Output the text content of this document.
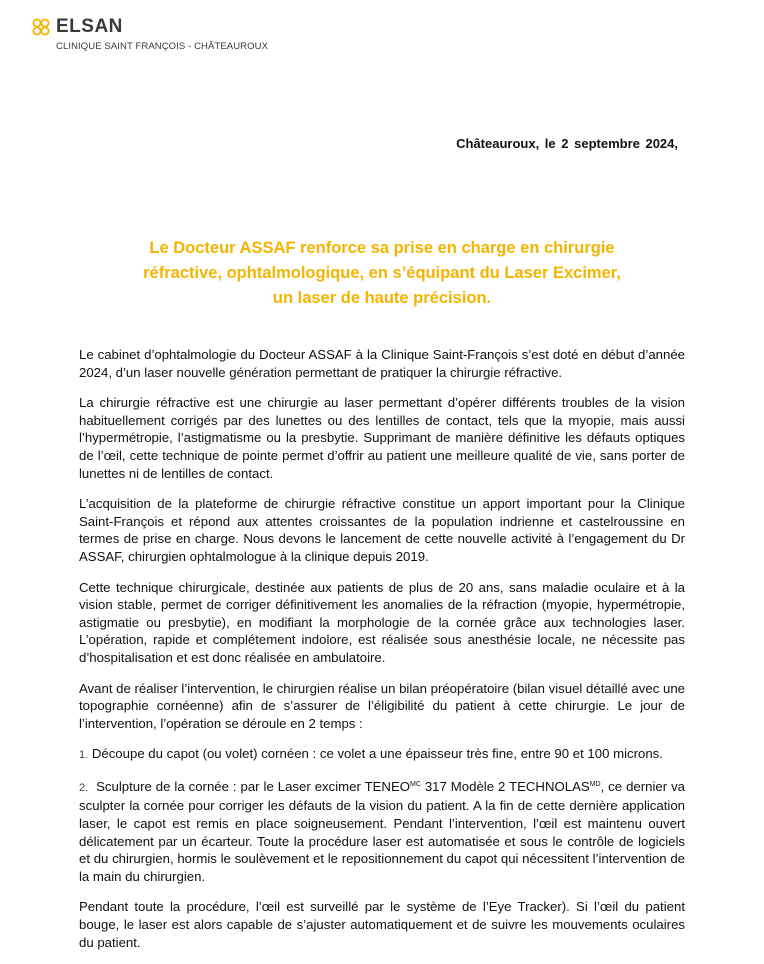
ELSAN
CLINIQUE SAINT FRANÇOIS - CHÂTEAUROUX
Châteauroux, le 2 septembre 2024,
Le Docteur ASSAF renforce sa prise en charge en chirurgie
réfractive, ophtalmologique, en s’équipant du Laser Excimer,
un laser de haute précision.

Le cabinet d’ophtalmologie du Docteur ASSAF à la Clinique Saint-François s’est doté en début d’année 2024, d’un laser nouvelle génération permettant de pratiquer la chirurgie réfractive.

La chirurgie réfractive est une chirurgie au laser permettant d’opérer différents troubles de la vision habituellement corrigés par des lunettes ou des lentilles de contact, tels que la myopie, mais aussi l’hypermétropie, l’astigmatisme ou la presbytie. Supprimant de manière définitive les défauts optiques de l’œil, cette technique de pointe permet d’offrir au patient une meilleure qualité de vie, sans porter de lunettes ni de lentilles de contact.

L’acquisition de la plateforme de chirurgie réfractive constitue un apport important pour la Clinique Saint-François et répond aux attentes croissantes de la population indrienne et castelroussine en termes de prise en charge. Nous devons le lancement de cette nouvelle activité à l’engagement du Dr ASSAF, chirurgien ophtalmologue à la clinique depuis 2019.

Cette technique chirurgicale, destinée aux patients de plus de 20 ans, sans maladie oculaire et à la vision stable, permet de corriger définitivement les anomalies de la réfraction (myopie, hypermétropie, astigmatie ou presbytie), en modifiant la morphologie de la cornée grâce aux technologies laser. L’opération, rapide et complétement indolore, est réalisée sous anesthésie locale, ne nécessite pas d’hospitalisation et est donc réalisée en ambulatoire.

Avant de réaliser l’intervention, le chirurgien réalise un bilan préopératoire (bilan visuel détaillé avec une topographie cornéenne) afin de s’assurer de l’éligibilité du patient à cette chirurgie. Le jour de l’intervention, l’opération se déroule en 2 temps :

1. Découpe du capot (ou volet) cornéen : ce volet a une épaisseur très fine, entre 90 et 100 microns.

2. Sculpture de la cornée : par le Laser excimer $TENEO^{MC}$ 317 Modèle 2 $TECHNOLAS^{MD}$, ce dernier va sculpter la cornée pour corriger les défauts de la vision du patient. A la fin de cette dernière application laser, le capot est remis en place soigneusement. Pendant l’intervention, l’œil est maintenu ouvert délicatement par un écarteur. Toute la procédure laser est automatisée et sous le contrôle de logiciels et du chirurgien, hormis le soulèvement et le repositionnement du capot qui nécessitent l’intervention de la main du chirurgien.

Pendant toute la procédure, l’œil est surveillé par le système de l’Eye Tracker). Si l’œil du patient bouge, le laser est alors capable de s’ajuster automatiquement et de suivre les mouvements oculaires du patient.
